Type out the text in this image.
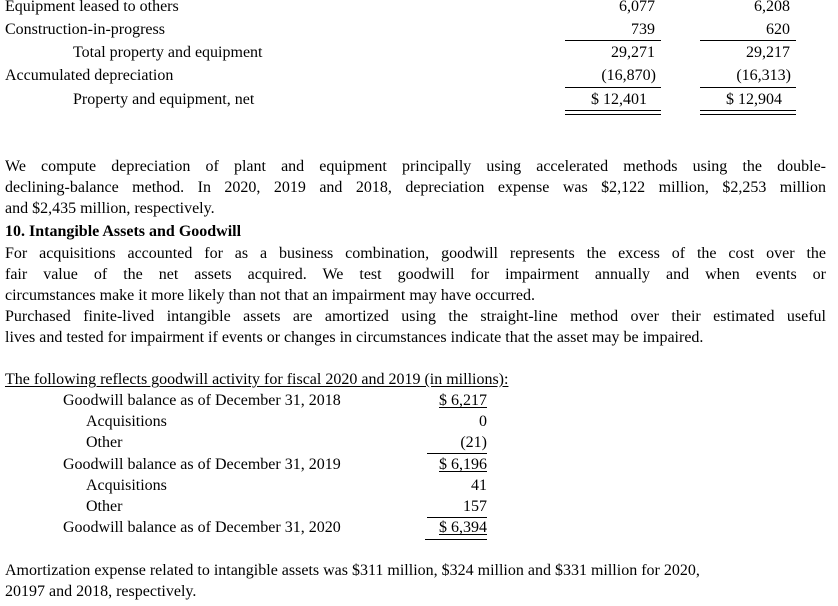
Equipment leased to others	6,077	6,208
Construction-in-progress	739	620
Total property and equipment	29,271	29,217
Accumulated depreciation	(16,870)	(16,313)
Property and equipment, net	$ 12,401	$ 12,904
We compute depreciation of plant and equipment principally using accelerated methods using the double-
declining-balance method. In 2020, 2019 and 2018, depreciation expense was $2,122 million, $2,253 million
and $2,435 million, respectively.
10. Intangible Assets and Goodwill
For acquisitions accounted for as a business combination, goodwill represents the excess of the cost over the
fair value of the net assets acquired. We test goodwill for impairment annually and when events or
circumstances make it more likely than not that an impairment may have occurred.
Purchased finite-lived intangible assets are amortized using the straight-line method over their estimated useful
lives and tested for impairment if events or changes in circumstances indicate that the asset may be impaired.
The following reflects goodwill activity for fiscal 2020 and 2019 (in millions):
Goodwill balance as of December 31, 2018	$ 6,217
Acquisitions	0
Other	(21)
Goodwill balance as of December 31, 2019	$ 6,196
Acquisitions	41
Other	157
Goodwill balance as of December 31, 2020	$ 6,394
Amortization expense related to intangible assets was $311 million, $324 million and $331 million for 2020,
20197 and 2018, respectively.
